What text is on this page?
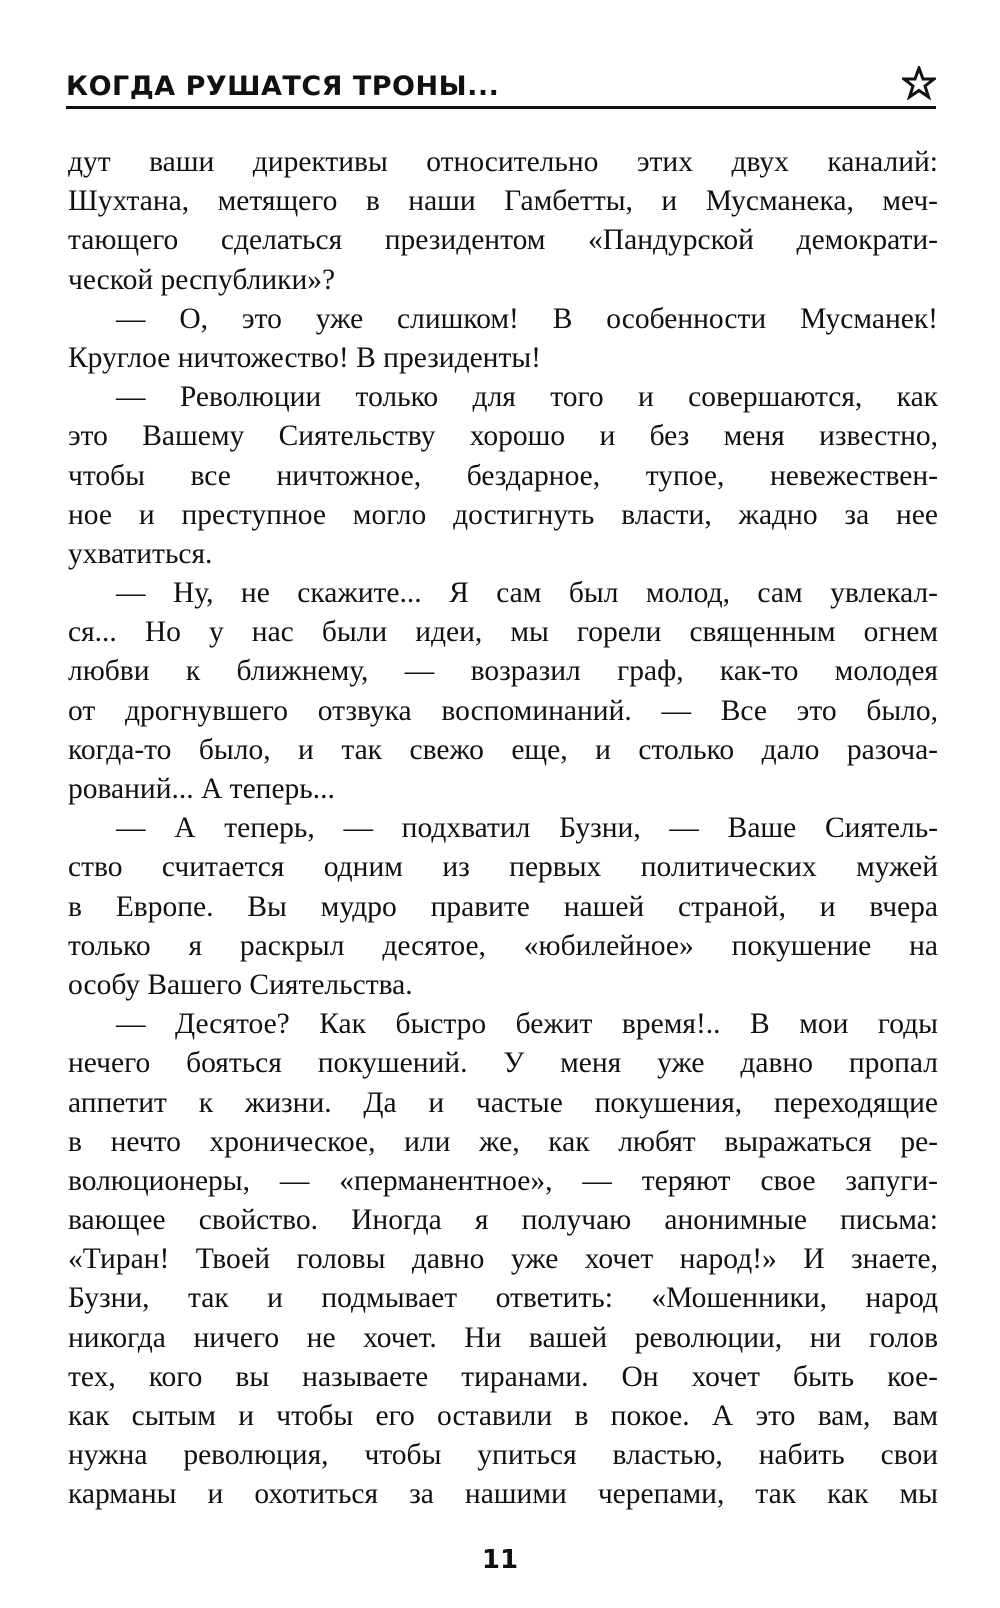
КОГДА РУШАТСЯ ТРОНЫ...
дут ваши директивы относительно этих двух каналий:
Шухтана, метящего в наши Гамбетты, и Мусманека, меч-
тающего сделаться президентом «Пандурской демократи-
ческой республики»?
— О, это уже слишком! В особенности Мусманек!
Круглое ничтожество! В президенты!
— Революции только для того и совершаются, как
это Вашему Сиятельству хорошо и без меня известно,
чтобы все ничтожное, бездарное, тупое, невежествен-
ное и преступное могло достигнуть власти, жадно за нее
ухватиться.
— Ну, не скажите... Я сам был молод, сам увлекал-
ся... Но у нас были идеи, мы горели священным огнем
любви к ближнему, — возразил граф, как-то молодея
от дрогнувшего отзвука воспоминаний. — Все это было,
когда-то было, и так свежо еще, и столько дало разоча-
рований... А теперь...
— А теперь, — подхватил Бузни, — Ваше Сиятель-
ство считается одним из первых политических мужей
в Европе. Вы мудро правите нашей страной, и вчера
только я раскрыл десятое, «юбилейное» покушение на
особу Вашего Сиятельства.
— Десятое? Как быстро бежит время!.. В мои годы
нечего бояться покушений. У меня уже давно пропал
аппетит к жизни. Да и частые покушения, переходящие
в нечто хроническое, или же, как любят выражаться ре-
волюционеры, — «перманентное», — теряют свое запуги-
вающее свойство. Иногда я получаю анонимные письма:
«Тиран! Твоей головы давно уже хочет народ!» И знаете,
Бузни, так и подмывает ответить: «Мошенники, народ
никогда ничего не хочет. Ни вашей революции, ни голов
тех, кого вы называете тиранами. Он хочет быть кое-
как сытым и чтобы его оставили в покое. А это вам, вам
нужна революция, чтобы упиться властью, набить свои
карманы и охотиться за нашими черепами, так как мы
11
